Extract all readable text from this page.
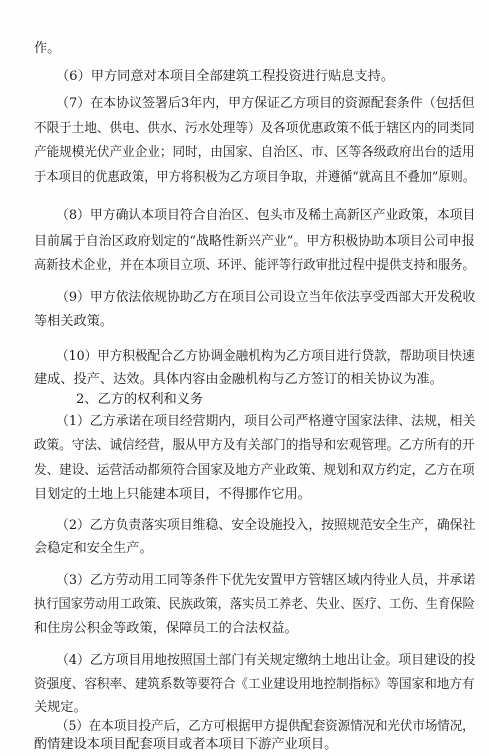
作。
（6）甲方同意对本项目全部建筑工程投资进行贴息支持。
（7）在本协议签署后3年内，甲方保证乙方项目的资源配套条件（包括但
不限于土地、供电、供水、污水处理等）及各项优惠政策不低于辖区内的同类同
产能规模光伏产业企业；同时，由国家、自治区、市、区等各级政府出台的适用
于本项目的优惠政策，甲方将积极为乙方项目争取，并遵循“就高且不叠加”原则。
（8）甲方确认本项目符合自治区、包头市及稀土高新区产业政策，本项目
目前属于自治区政府划定的“战略性新兴产业”。甲方积极协助本项目公司申报
高新技术企业，并在本项目立项、环评、能评等行政审批过程中提供支持和服务。
（9）甲方依法依规协助乙方在项目公司设立当年依法享受西部大开发税收
等相关政策。
（10）甲方积极配合乙方协调金融机构为乙方项目进行贷款，帮助项目快速
建成、投产、达效。具体内容由金融机构与乙方签订的相关协议为准。
2、乙方的权利和义务
（1）乙方承诺在项目经营期内，项目公司严格遵守国家法律、法规，相关
政策。守法、诚信经营，服从甲方及有关部门的指导和宏观管理。乙方所有的开
发、建设、运营活动都须符合国家及地方产业政策、规划和双方约定，乙方在项
目划定的土地上只能建本项目，不得挪作它用。
（2）乙方负责落实项目维稳、安全设施投入，按照规范安全生产，确保社
会稳定和安全生产。
（3）乙方劳动用工同等条件下优先安置甲方管辖区域内待业人员，并承诺
执行国家劳动用工政策、民族政策，落实员工养老、失业、医疗、工伤、生育保险
和住房公积金等政策，保障员工的合法权益。
（4）乙方项目用地按照国土部门有关规定缴纳土地出让金。项目建设的投
资强度、容积率、建筑系数等要符合《工业建设用地控制指标》等国家和地方有
关规定。
（5）在本项目投产后，乙方可根据甲方提供配套资源情况和光伏市场情况，
酌情建设本项目配套项目或者本项目下游产业项目。
